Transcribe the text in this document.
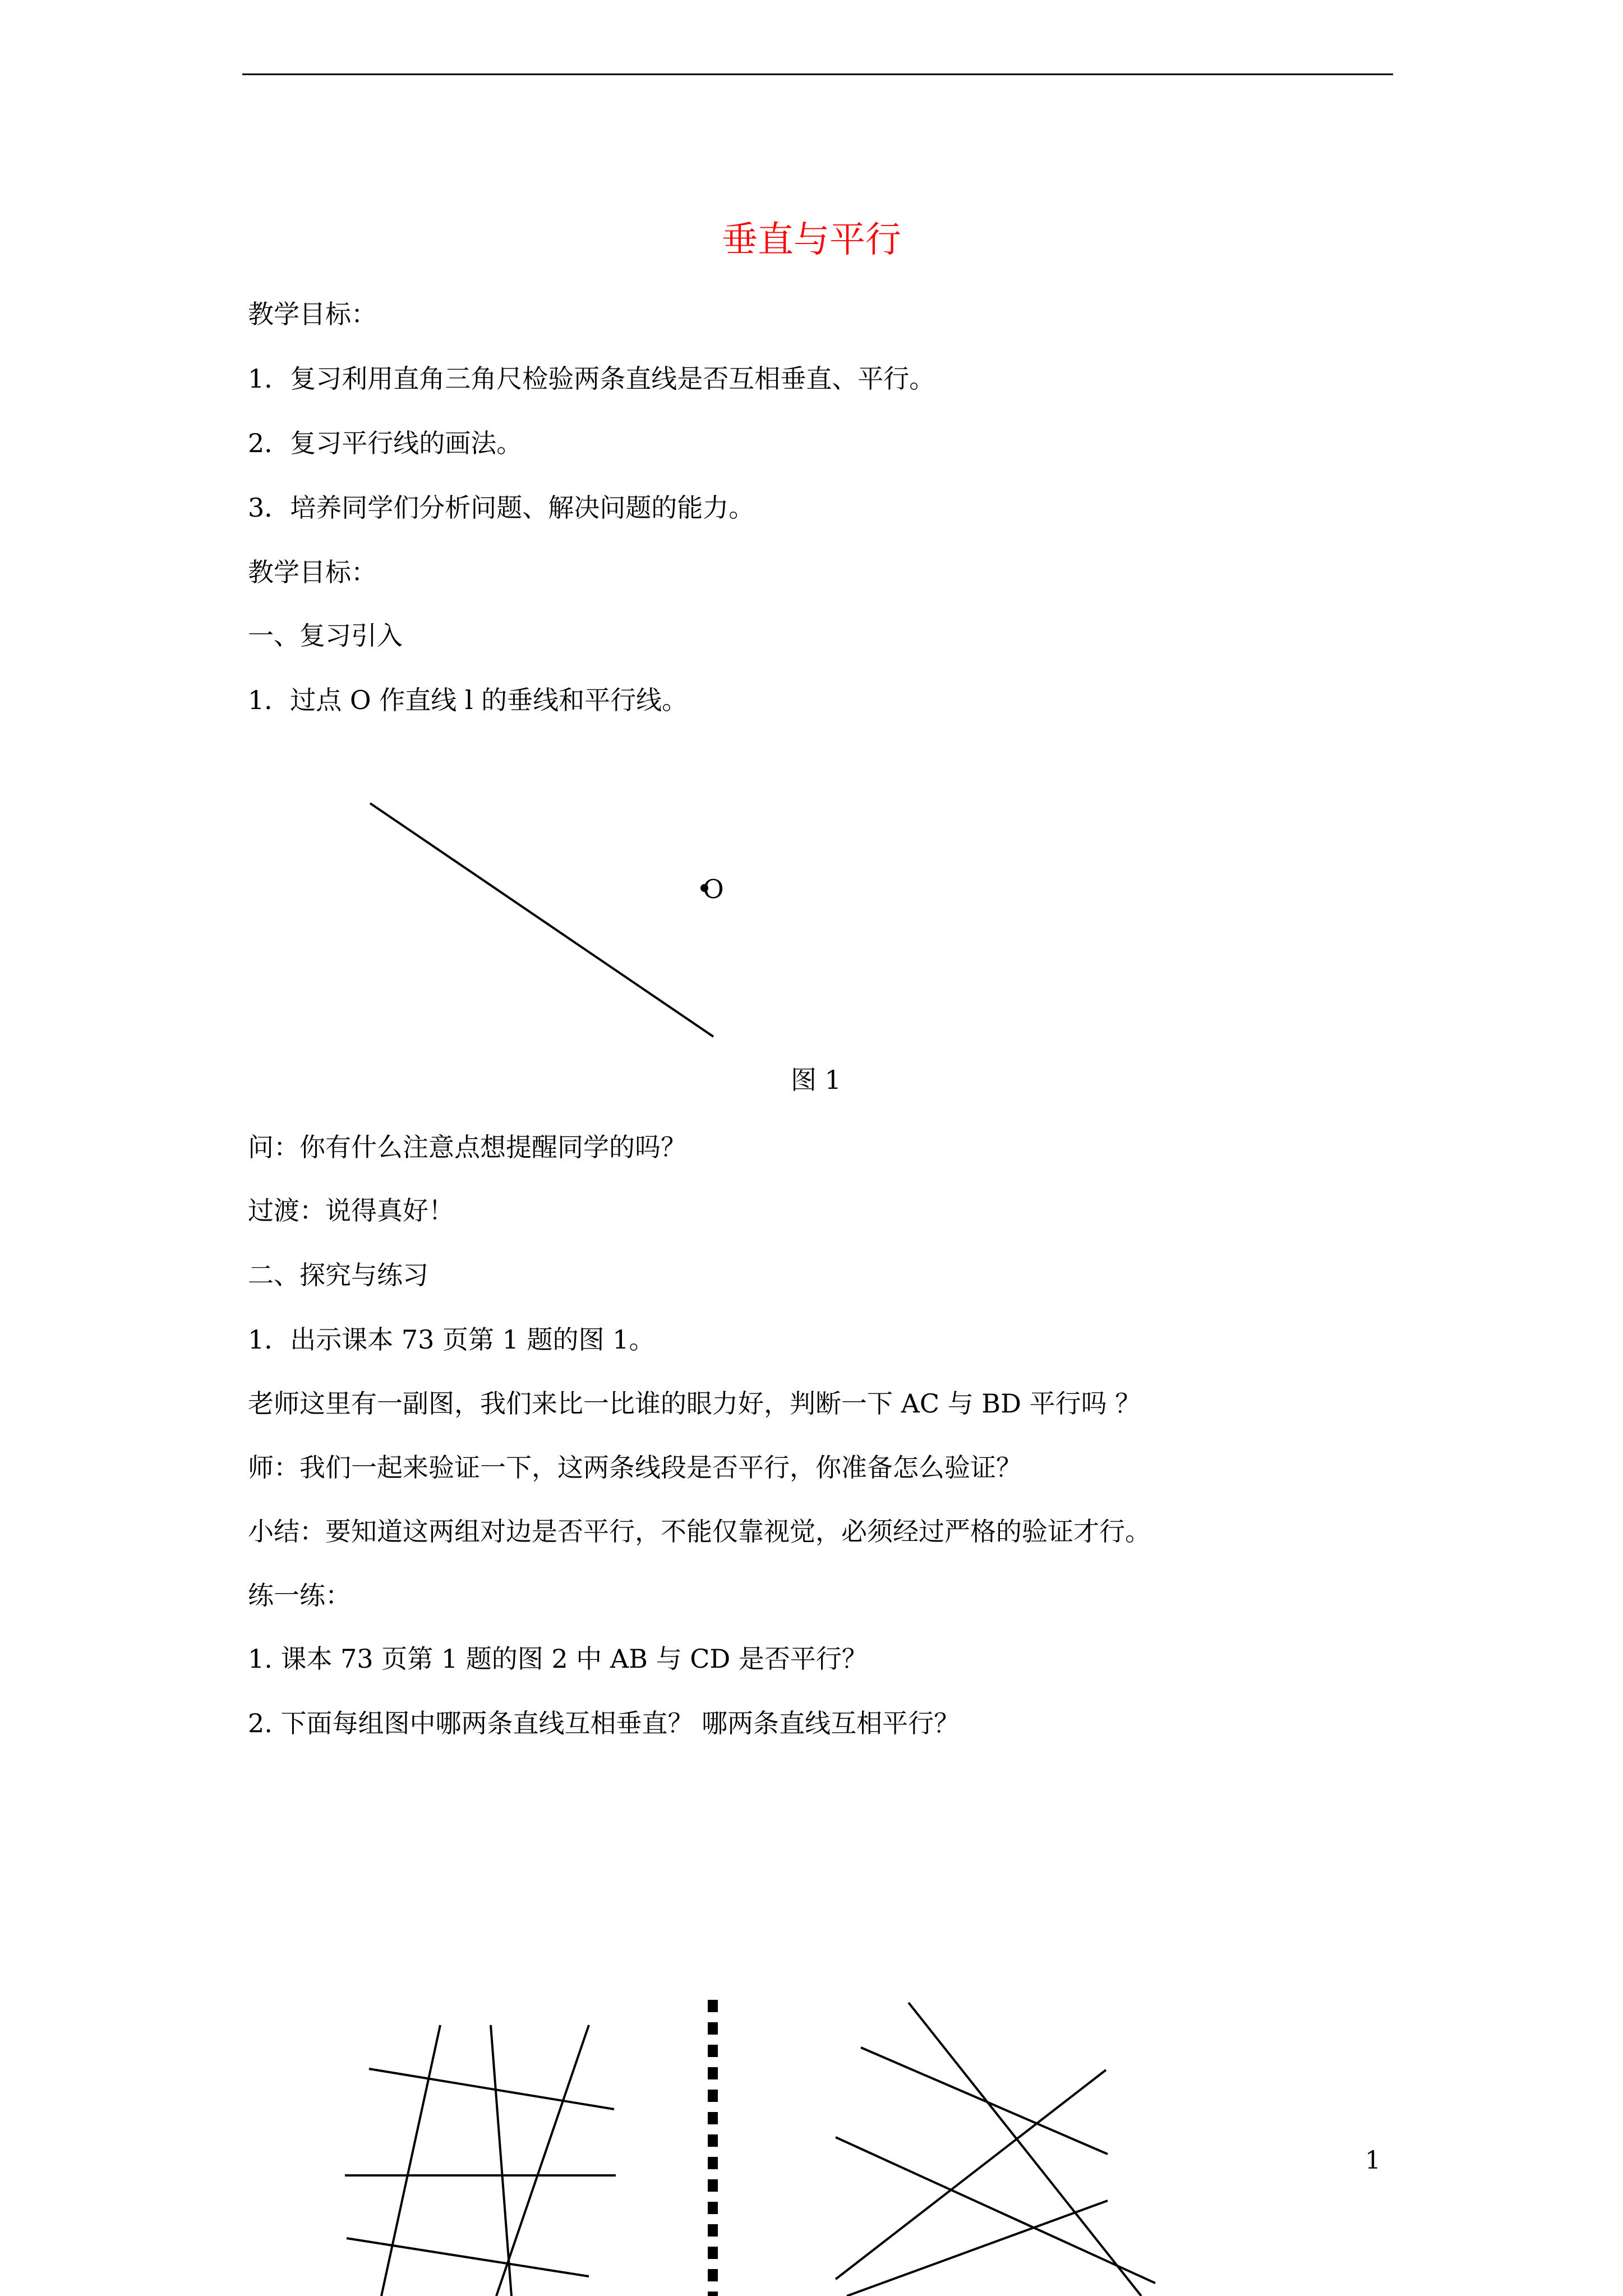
垂直与平行
教学目标：
1．复习利用直角三角尺检验两条直线是否互相垂直、平行。
2．复习平行线的画法。
3．培养同学们分析问题、解决问题的能力。
教学目标：
一、复习引入
1．过点 O 作直线 l 的垂线和平行线。
O
图 1
问：你有什么注意点想提醒同学的吗？
过渡：说得真好！
二、探究与练习
1．出示课本 73 页第 1 题的图 1。
老师这里有一副图，我们来比一比谁的眼力好，判断一下 AC 与 BD 平行吗 ？
师：我们一起来验证一下，这两条线段是否平行，你准备怎么验证？
小结：要知道这两组对边是否平行，不能仅靠视觉，必须经过严格的验证才行。
练一练：
1. 课本 73 页第 1 题的图 2 中 AB 与 CD 是否平行？
2. 下面每组图中哪两条直线互相垂直？ 哪两条直线互相平行？
1
